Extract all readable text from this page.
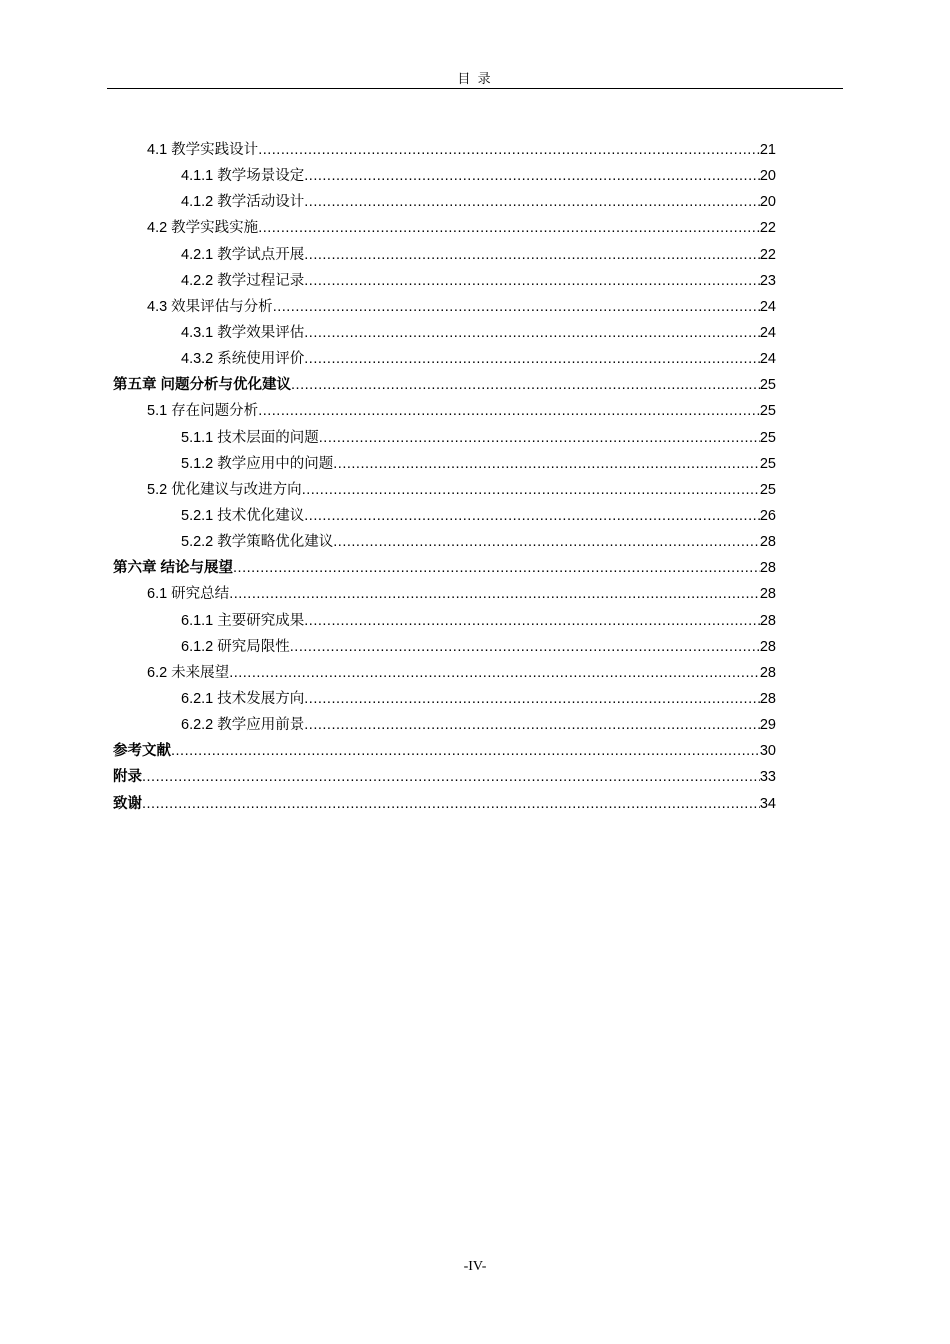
目 录
4.1 教学实践设计 .....	21
4.1.1 教学场景设定 .....	20
4.1.2 教学活动设计 .....	20
4.2 教学实践实施 .....	22
4.2.1 教学试点开展 .....	22
4.2.2 教学过程记录 .....	23
4.3 效果评估与分析 .....	24
4.3.1 教学效果评估 .....	24
4.3.2 系统使用评价 .....	24
第五章 问题分析与优化建议 .....	25
5.1 存在问题分析 .....	25
5.1.1 技术层面的问题 .....	25
5.1.2 教学应用中的问题 .....	25
5.2 优化建议与改进方向 .....	25
5.2.1 技术优化建议 .....	26
5.2.2 教学策略优化建议 .....	28
第六章 结论与展望 .....	28
6.1 研究总结 .....	28
6.1.1 主要研究成果 .....	28
6.1.2 研究局限性 .....	28
6.2 未来展望 .....	28
6.2.1 技术发展方向 .....	28
6.2.2 教学应用前景 .....	29
参考文献 .....	30
附录 .....	33
致谢 .....	34
-IV-
